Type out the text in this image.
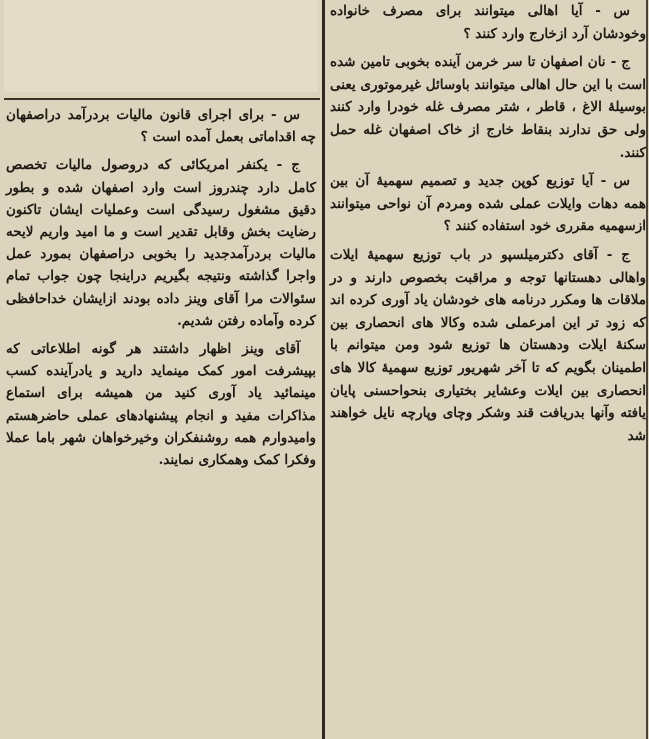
س - برای اجرای قانون مالیات بردرآمد دراصفهان چه اقداماتی بعمل آمده است ؟

ج - یکنفر امریکائی که دروصول مالیات تخصص کامل دارد چندروز است وارد اصفهان شده و بطور دقیق مشغول رسیدگی است وعملیات ایشان تاکنون رضایت بخش وقابل تقدیر است و ما امید واریم لایحه مالیات بردرآمدجدید را بخوبی دراصفهان بمورد عمل واجرا گذاشته ونتیجه بگیریم دراینجا چون جواب تمام سئوالات مرا آقای وینز داده بودند ازایشان خداحافظی کرده وآماده رفتن شدیم.

آقای وینز اظهار داشتند هر گونه اطلاعاتی که بپیشرفت امور کمک مینماید دارید و یادرآینده کسب مینمائید یاد آوری کنید من همیشه برای استماع مذاکرات مفید و انجام پیشنهادهای عملی حاضرهستم وامیدوارم همه روشنفکران وخیرخواهان شهر باما عملا وفکرا کمک وهمکاری نمایند.

س - آیا اهالی میتوانند برای مصرف خانواده وخودشان آرد ازخارج وارد کنند ؟

ج - نان اصفهان تا سر خرمن آینده بخوبی تامین شده است با این حال اهالی میتوانند باوسائل غیرموتوری یعنی بوسیلهٔ الاغ ، قاطر ، شتر مصرف غله خودرا وارد کنند ولی حق ندارند بنقاط خارج از خاک اصفهان غله حمل کنند.

س - آیا توزیع کوپن جدید و تصمیم سهمیهٔ آن بین همه دهات وایلات عملی شده ومردم آن نواحی میتوانند ازسهمیه مقرری خود استفاده کنند ؟

ج - آقای دکترمیلسپو در باب توزیع سهمیهٔ ایلات واهالی دهستانها توجه و مراقبت بخصوص دارند و در ملاقات ها ومکرر درنامه های خودشان یاد آوری کرده اند که زود تر این امرعملی شده وکالا های انحصاری بین سکنهٔ ایلات ودهستان ها توزیع شود ومن میتوانم با اطمینان بگویم که تا آخر شهریور توزیع سهمیهٔ کالا های انحصاری بین ایلات وعشایر بختیاری بنحواحسنی پایان یافته وآنها بدریافت قند وشکر وچای وپارچه نایل خواهند شد
